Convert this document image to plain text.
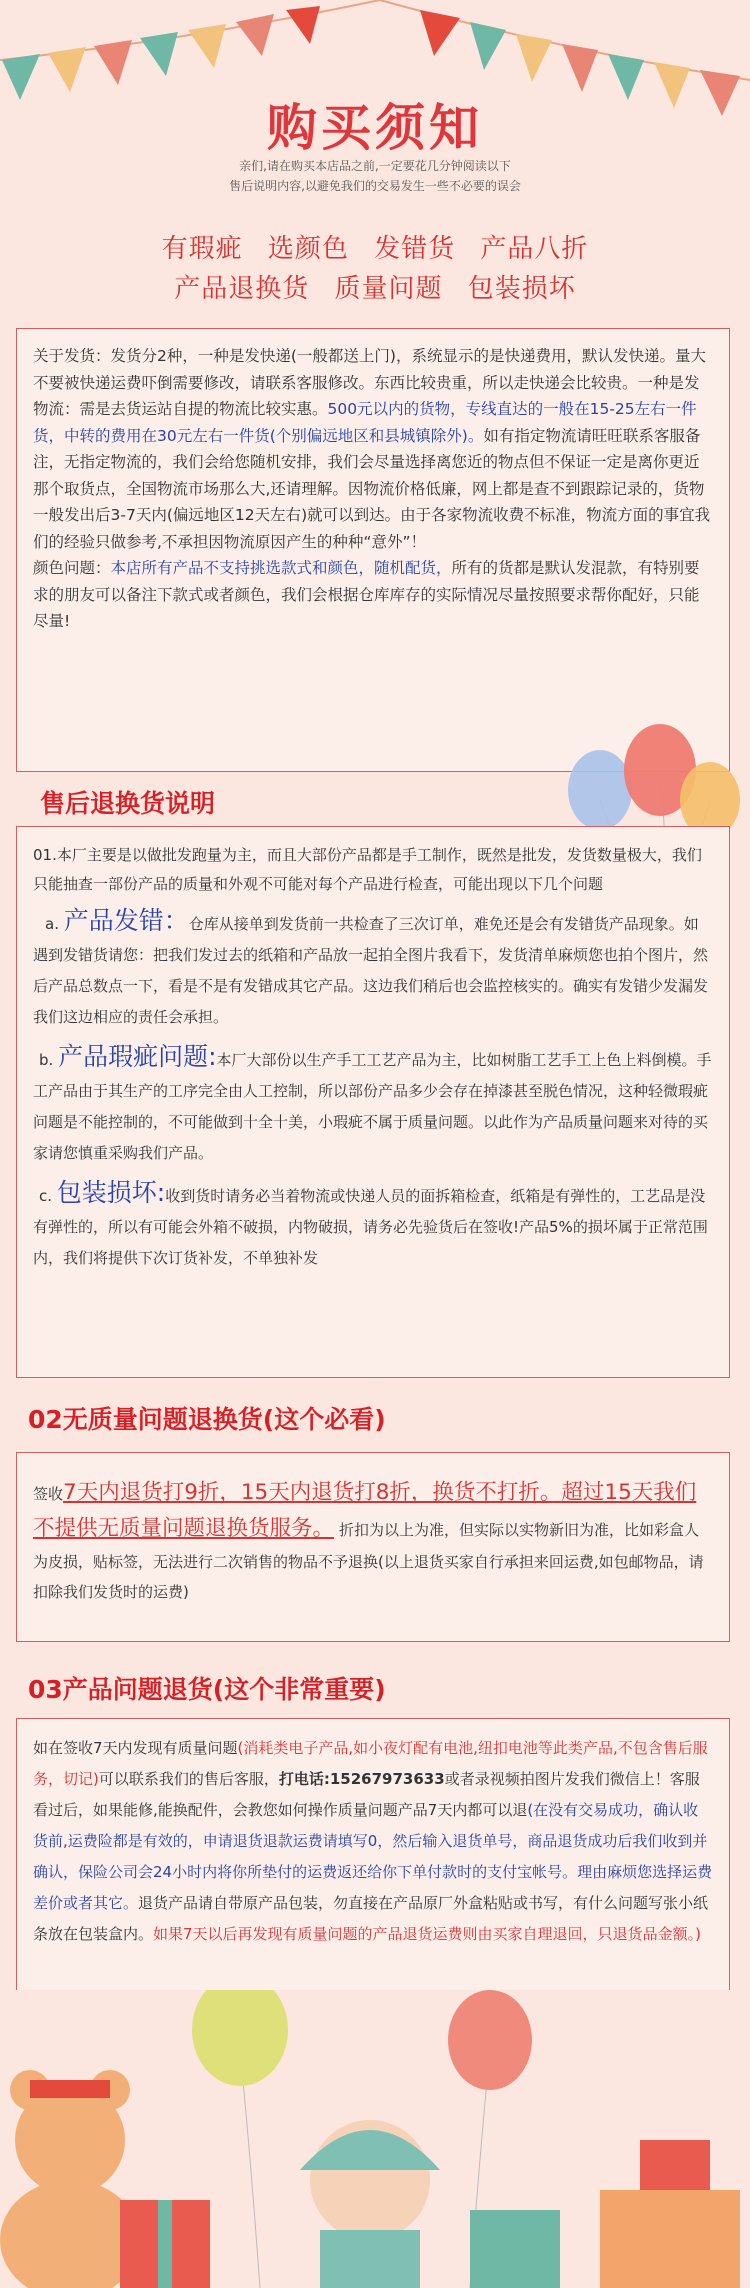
购买须知
亲们,请在购买本店品之前,一定要花几分钟阅读以下
售后说明内容,以避免我们的交易发生一些不必要的误会
有瑕疵 选颜色 发错货 产品八折
产品退换货 质量问题 包装损坏
关于发货：发货分2种，一种是发快递(一般都送上门)，系统显示的是快递费用，默认发快递。量大不要被快递运费吓倒需要修改，请联系客服修改。东西比较贵重，所以走快递会比较贵。一种是发物流：需是去货运站自提的物流比较实惠。500元以内的货物，专线直达的一般在15-25左右一件货，中转的费用在30元左右一件货(个别偏远地区和县城镇除外)。如有指定物流请旺旺联系客服备注，无指定物流的，我们会给您随机安排，我们会尽量选择离您近的物点但不保证一定是离你更近那个取货点，全国物流市场那么大,还请理解。因物流价格低廉，网上都是查不到跟踪记录的，货物一般发出后3-7天内(偏远地区12天左右)就可以到达。由于各家物流收费不标准，物流方面的事宜我们的经验只做参考,不承担因物流原因产生的种种“意外”！
颜色问题：本店所有产品不支持挑选款式和颜色，随机配货，所有的货都是默认发混款，有特别要求的朋友可以备注下款式或者颜色，我们会根据仓库库存的实际情况尽量按照要求帮你配好，只能尽量!
售后退换货说明
01.本厂主要是以做批发跑量为主，而且大部份产品都是手工制作，既然是批发，发货数量极大，我们只能抽查一部份产品的质量和外观不可能对每个产品进行检查，可能出现以下几个问题
a. 产品发错：仓库从接单到发货前一共检查了三次订单，难免还是会有发错货产品现象。如遇到发错货请您：把我们发过去的纸箱和产品放一起拍全图片我看下，发货清单麻烦您也拍个图片，然后产品总数点一下，看是不是有发错成其它产品。这边我们稍后也会监控核实的。确实有发错少发漏发我们这边相应的责任会承担。
b. 产品瑕疵问题:本厂大部份以生产手工工艺产品为主，比如树脂工艺手工上色上料倒模。手工产品由于其生产的工序完全由人工控制，所以部份产品多少会存在掉漆甚至脱色情况，这种轻微瑕疵问题是不能控制的，不可能做到十全十美，小瑕疵不属于质量问题。以此作为产品质量问题来对待的买家请您慎重采购我们产品。
c. 包装损坏:收到货时请务必当着物流或快递人员的面拆箱检查，纸箱是有弹性的，工艺品是没有弹性的，所以有可能会外箱不破损，内物破损，请务必先验货后在签收!产品5%的损坏属于正常范围内，我们将提供下次订货补发，不单独补发
02无质量问题退换货(这个必看)
签收7天内退货打9折，15天内退货打8折，换货不打折。超过15天我们不提供无质量问题退换货服务。 折扣为以上为准，但实际以实物新旧为准，比如彩盒人为皮损，贴标签，无法进行二次销售的物品不予退换(以上退货买家自行承担来回运费,如包邮物品，请扣除我们发货时的运费)
03产品问题退货(这个非常重要)
如在签收7天内发现有质量问题(消耗类电子产品,如小夜灯配有电池,纽扣电池等此类产品,不包含售后服务，切记)可以联系我们的售后客服，打电话:15267973633或者录视频拍图片发我们微信上！客服看过后，如果能修,能换配件，会教您如何操作质量问题产品7天内都可以退(在没有交易成功，确认收货前,运费险都是有效的，申请退货退款运费请填写0，然后输入退货单号，商品退货成功后我们收到并确认，保险公司会24小时内将你所垫付的运费返还给你下单付款时的支付宝帐号。理由麻烦您选择运费差价或者其它。退货产品请自带原产品包装，勿直接在产品原厂外盒粘贴或书写，有什么问题写张小纸条放在包装盒内。如果7天以后再发现有质量问题的产品退货运费则由买家自理退回，只退货品金额。)
